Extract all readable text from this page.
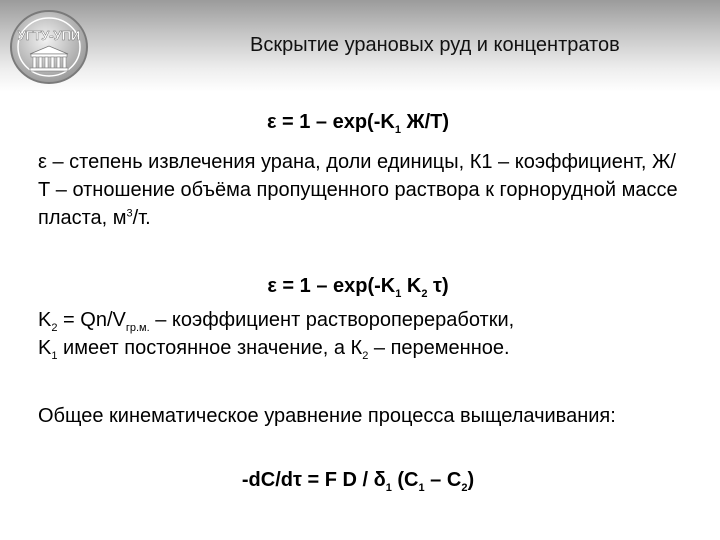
УГТУ-УПИ	Вскрытие урановых руд и концентратов
$\varepsilon = 1 - \exp(-K_1$ Ж/Т)

ε – степень извлечения урана, доли единицы, К1 – коэффициент, Ж/Т – отношение объёма пропущенного раствора к горнорудной массе пласта, $м^3/т$.

$\varepsilon = 1 - \exp(-K_1$ $K_2$ τ)

$K_2 = Qn/V_{гр.м.}$ – коэффициент растворопереработки,
$K_1$ имеет постоянное значение, а $К_2$ – переменное.

Общее кинематическое уравнение процесса выщелачивания:

-dC/dτ = F D / $\delta_1$ $(C_1 - C_2)$
